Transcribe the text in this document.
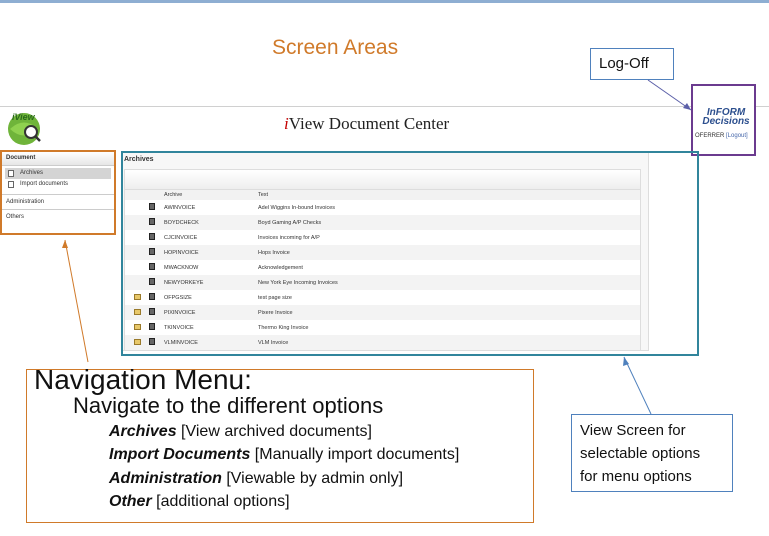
Screen Areas
Log-Off
iView	iView Document Center
InFORM
Decisions
OFERRER [Logout]
Document
Archives
Import documents
Administration
Others
Archives

			Archive	Text
			AWINVOICE	Adel Wiggins In-bound Invoices
			BOYDCHECK	Boyd Gaming A/P Checks
			CJCINVOICE	Invoices incoming for A/P
			HOPINVOICE	Hops Invoice
			MWACKNOW	Acknowledgement
			NEWYORKEYE	New York Eye Incoming Invoices
			OFPGSIZE	test page size
			PIXINVOICE	Pixere Invoice
			TKINVOICE	Thermo King Invoice
			VLMINVOICE	VLM Invoice
View Screen for
selectable options
for menu options
Navigation Menu:
Navigate to the different options
Archives [View archived documents]
Import Documents [Manually import documents]
Administration [Viewable by admin only]
Other [additional options]
